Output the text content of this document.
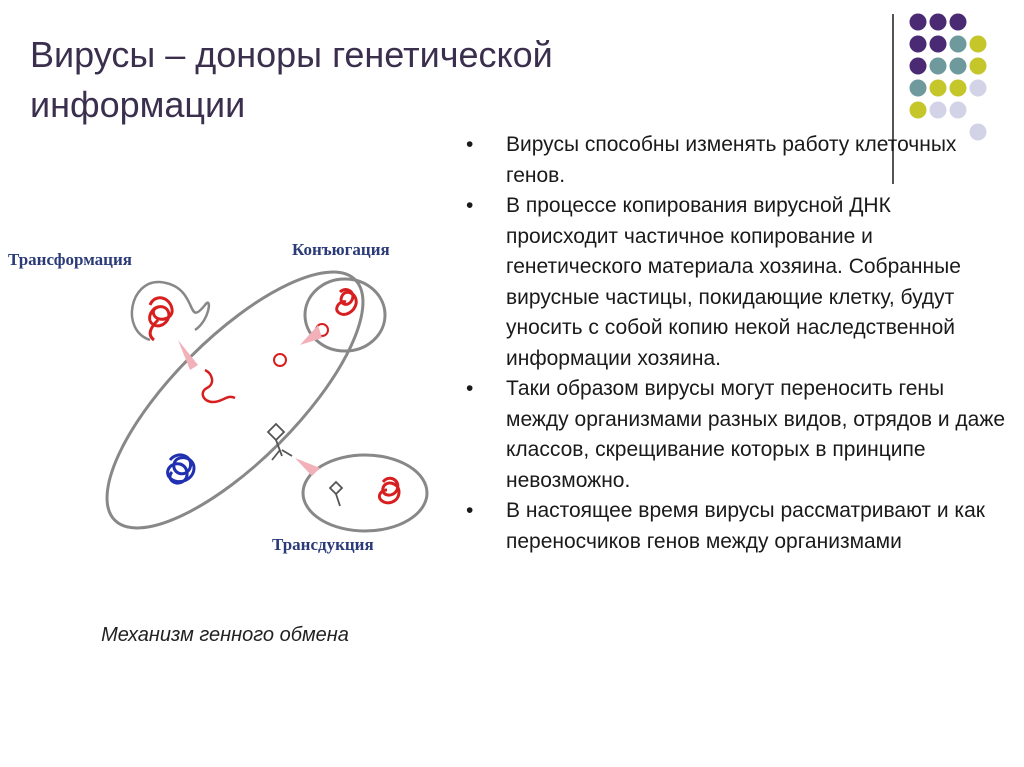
Вирусы – доноры генетической информации
Трансформация
Конъюгация
Трансдукция
Механизм генного обмена
• Вирусы способны изменять работу клеточных генов.
• В процессе копирования вирусной ДНК происходит частичное копирование и генетического материала хозяина. Собранные вирусные частицы, покидающие клетку, будут уносить с собой копию некой наследственной информации хозяина.
• Таки образом вирусы могут переносить гены между организмами разных видов, отрядов и даже классов, скрещивание которых в принципе невозможно.
• В настоящее время вирусы рассматривают и как переносчиков генов между организмами
